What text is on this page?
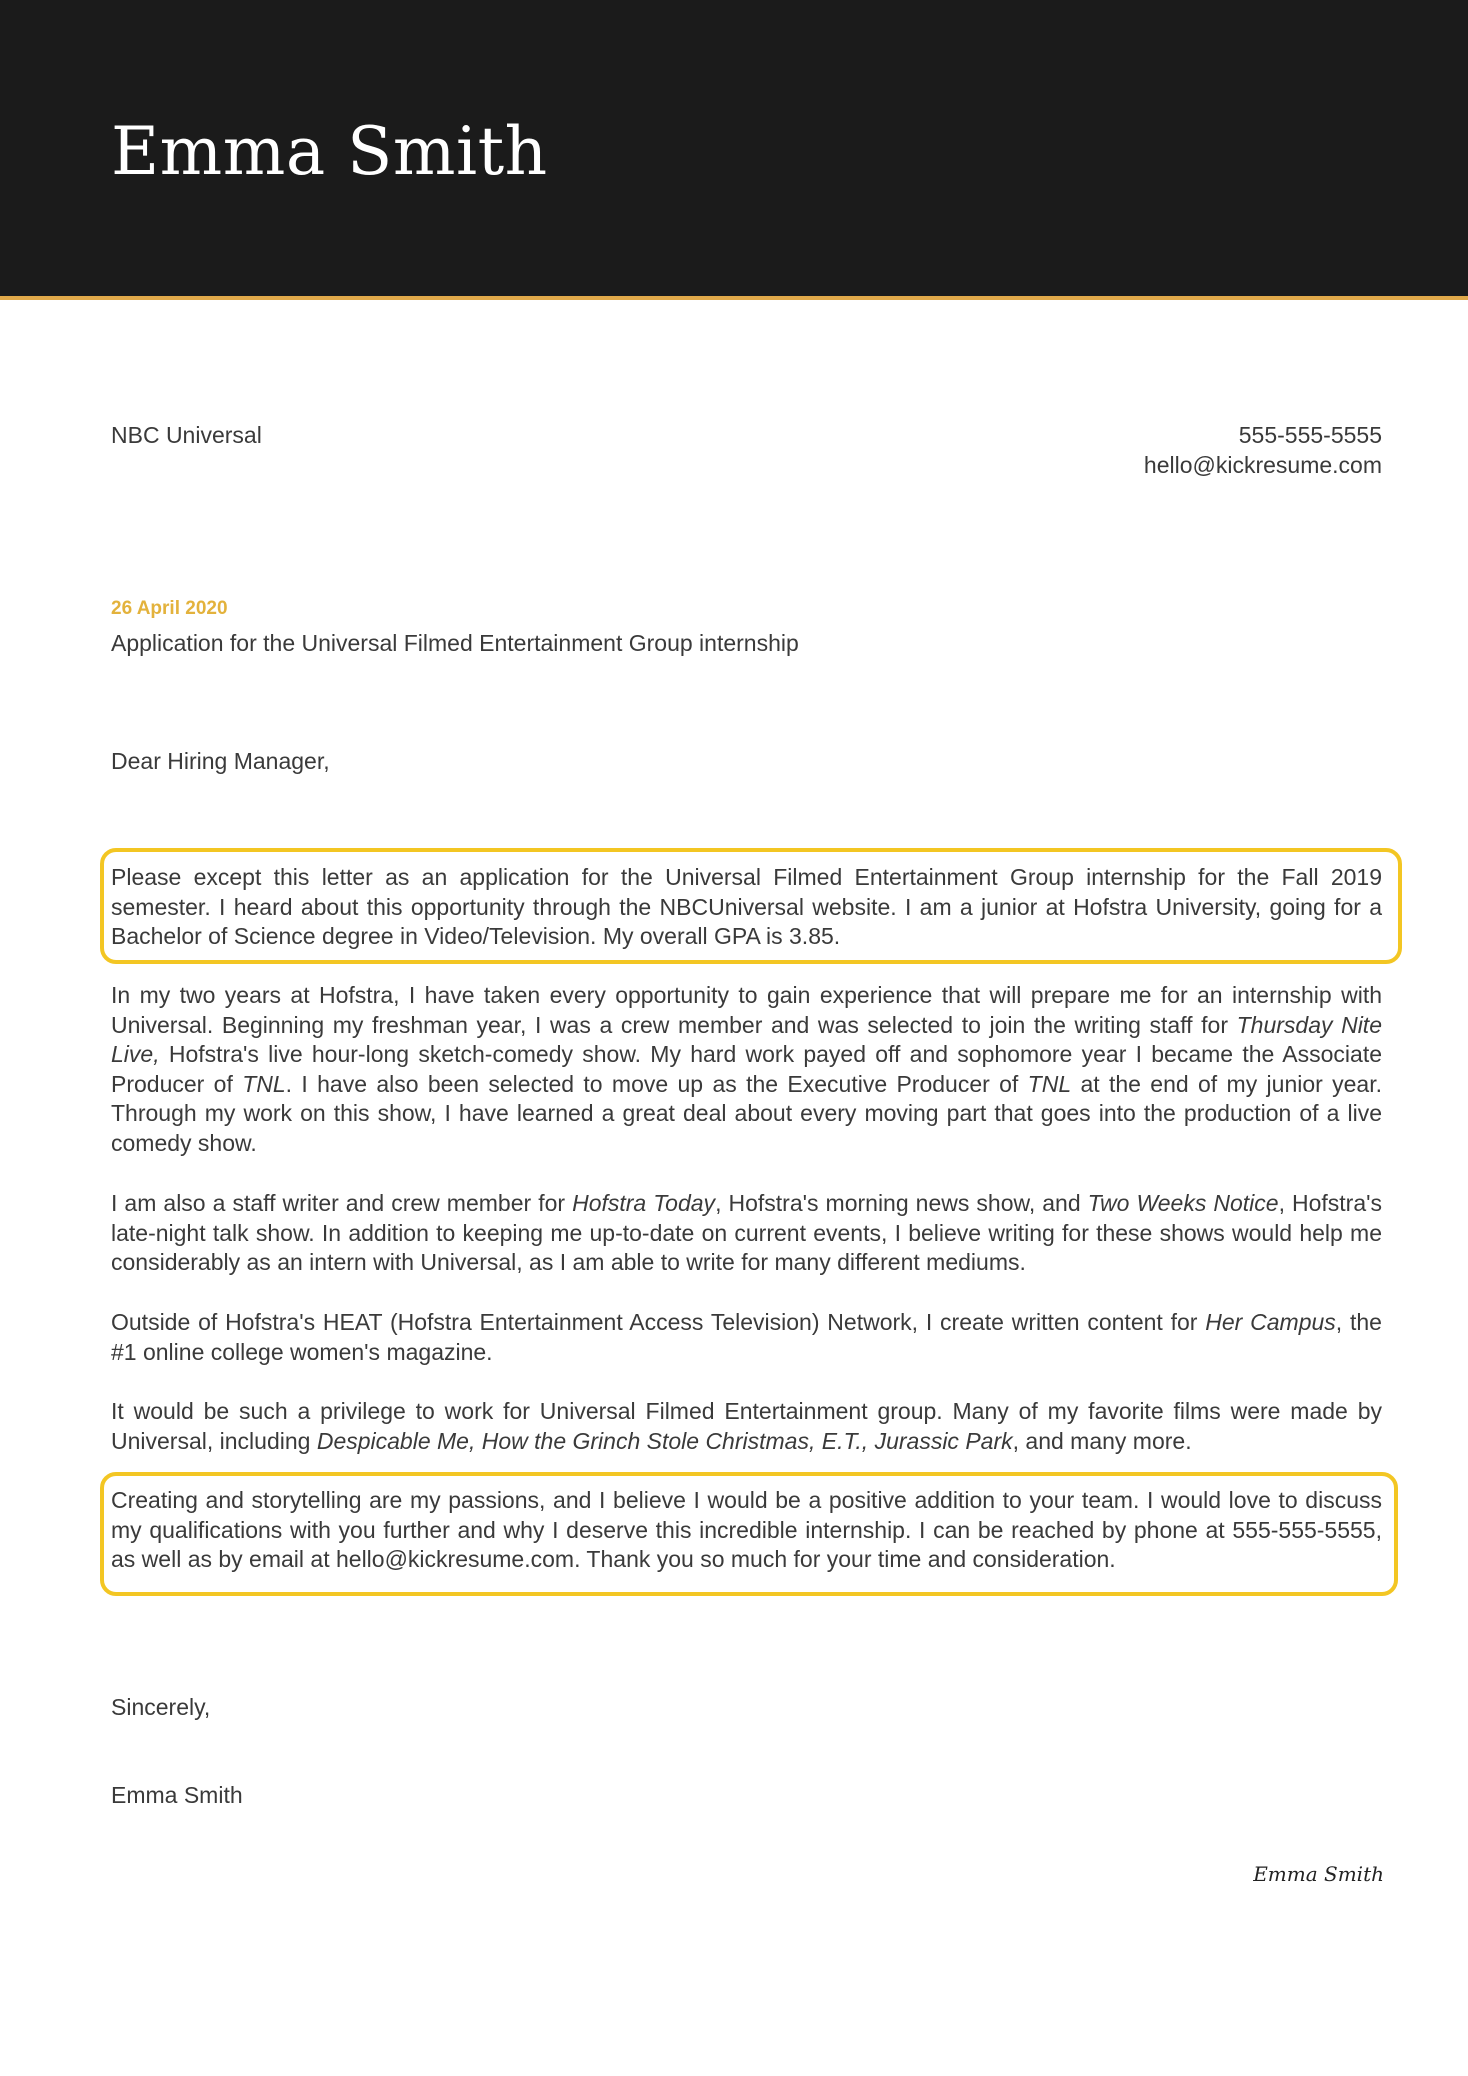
Emma Smith
NBC Universal	555-555-5555
hello@kickresume.com
26 April 2020
Application for the Universal Filmed Entertainment Group internship
Dear Hiring Manager,

Please except this letter as an application for the Universal Filmed Entertainment Group internship for the Fall 2019 semester. I heard about this opportunity through the NBCUniversal website. I am a junior at Hofstra University, going for a Bachelor of Science degree in Video/Television. My overall GPA is 3.85.

In my two years at Hofstra, I have taken every opportunity to gain experience that will prepare me for an internship with Universal. Beginning my freshman year, I was a crew member and was selected to join the writing staff for Thursday Nite Live, Hofstra's live hour-long sketch-comedy show. My hard work payed off and sophomore year I became the Associate Producer of TNL. I have also been selected to move up as the Executive Producer of TNL at the end of my junior year. Through my work on this show, I have learned a great deal about every moving part that goes into the production of a live comedy show.

I am also a staff writer and crew member for Hofstra Today, Hofstra's morning news show, and Two Weeks Notice, Hofstra's late-night talk show. In addition to keeping me up-to-date on current events, I believe writing for these shows would help me considerably as an intern with Universal, as I am able to write for many different mediums.

Outside of Hofstra's HEAT (Hofstra Entertainment Access Television) Network, I create written content for Her Campus, the #1 online college women's magazine.

It would be such a privilege to work for Universal Filmed Entertainment group. Many of my favorite films were made by Universal, including Despicable Me, How the Grinch Stole Christmas, E.T., Jurassic Park, and many more.

Creating and storytelling are my passions, and I believe I would be a positive addition to your team. I would love to discuss my qualifications with you further and why I deserve this incredible internship. I can be reached by phone at 555-555-5555, as well as by email at hello@kickresume.com. Thank you so much for your time and consideration.

Sincerely,
Emma Smith
Emma Smith
